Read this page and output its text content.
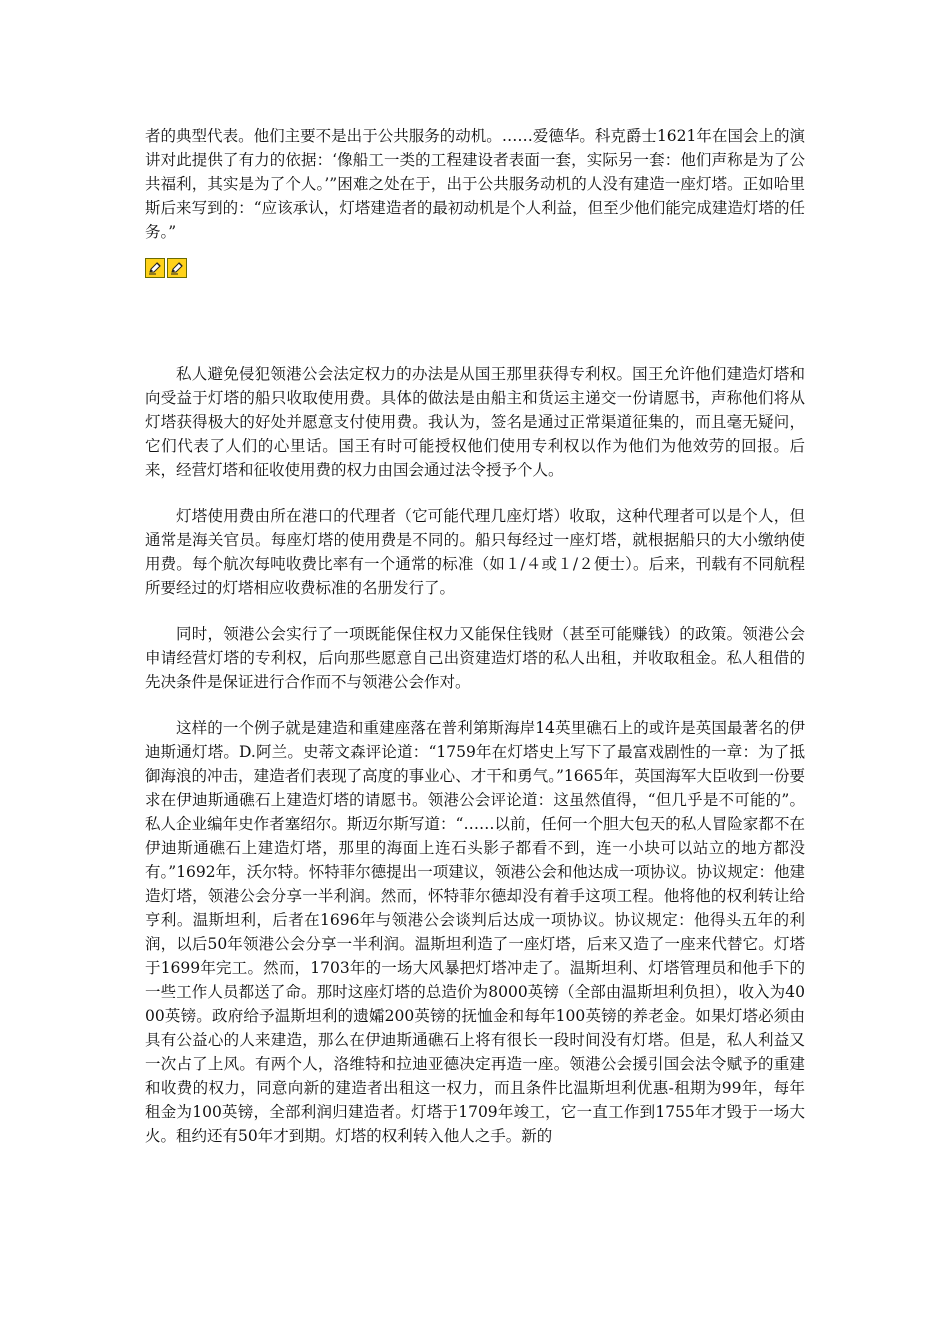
者的典型代表。他们主要不是出于公共服务的动机。……爱德华。科克爵士1621年在国会上的演讲对此提供了有力的依据：‘像船工一类的工程建设者表面一套，实际另一套：他们声称是为了公共福利，其实是为了个人。’”困难之处在于，出于公共服务动机的人没有建造一座灯塔。正如哈里斯后来写到的：“应该承认，灯塔建造者的最初动机是个人利益，但至少他们能完成建造灯塔的任务。”

私人避免侵犯领港公会法定权力的办法是从国王那里获得专利权。国王允许他们建造灯塔和向受益于灯塔的船只收取使用费。具体的做法是由船主和货运主递交一份请愿书，声称他们将从灯塔获得极大的好处并愿意支付使用费。我认为，签名是通过正常渠道征集的，而且毫无疑问，它们代表了人们的心里话。国王有时可能授权他们使用专利权以作为他们为他效劳的回报。后来，经营灯塔和征收使用费的权力由国会通过法令授予个人。

灯塔使用费由所在港口的代理者（它可能代理几座灯塔）收取，这种代理者可以是个人，但通常是海关官员。每座灯塔的使用费是不同的。船只每经过一座灯塔，就根据船只的大小缴纳使用费。每个航次每吨收费比率有一个通常的标准（如１/４或１/２便士）。后来，刊载有不同航程所要经过的灯塔相应收费标准的名册发行了。

同时，领港公会实行了一项既能保住权力又能保住钱财（甚至可能赚钱）的政策。领港公会申请经营灯塔的专利权，后向那些愿意自己出资建造灯塔的私人出租，并收取租金。私人租借的先决条件是保证进行合作而不与领港公会作对。

这样的一个例子就是建造和重建座落在普利第斯海岸14英里礁石上的或许是英国最著名的伊迪斯通灯塔。D.阿兰。史蒂文森评论道：“1759年在灯塔史上写下了最富戏剧性的一章：为了抵御海浪的冲击，建造者们表现了高度的事业心、才干和勇气。”1665年，英国海军大臣收到一份要求在伊迪斯通礁石上建造灯塔的请愿书。领港公会评论道：这虽然值得，“但几乎是不可能的”。私人企业编年史作者塞绍尔。斯迈尔斯写道：“……以前，任何一个胆大包天的私人冒险家都不在伊迪斯通礁石上建造灯塔，那里的海面上连石头影子都看不到，连一小块可以站立的地方都没有。”1692年，沃尔特。怀特菲尔德提出一项建议，领港公会和他达成一项协议。协议规定：他建造灯塔，领港公会分享一半利润。然而，怀特菲尔德却没有着手这项工程。他将他的权利转让给亨利。温斯坦利，后者在1696年与领港公会谈判后达成一项协议。协议规定：他得头五年的利润，以后50年领港公会分享一半利润。温斯坦利造了一座灯塔，后来又造了一座来代替它。灯塔于1699年完工。然而，1703年的一场大风暴把灯塔冲走了。温斯坦利、灯塔管理员和他手下的一些工作人员都送了命。那时这座灯塔的总造价为8000英镑（全部由温斯坦利负担），收入为4000英镑。政府给予温斯坦利的遗孀200英镑的抚恤金和每年100英镑的养老金。如果灯塔必须由具有公益心的人来建造，那么在伊迪斯通礁石上将有很长一段时间没有灯塔。但是，私人利益又一次占了上风。有两个人，洛维特和拉迪亚德决定再造一座。领港公会援引国会法令赋予的重建和收费的权力，同意向新的建造者出租这一权力，而且条件比温斯坦利优惠-租期为99年，每年租金为100英镑，全部利润归建造者。灯塔于1709年竣工，它一直工作到1755年才毁于一场大火。租约还有50年才到期。灯塔的权利转入他人之手。新的
